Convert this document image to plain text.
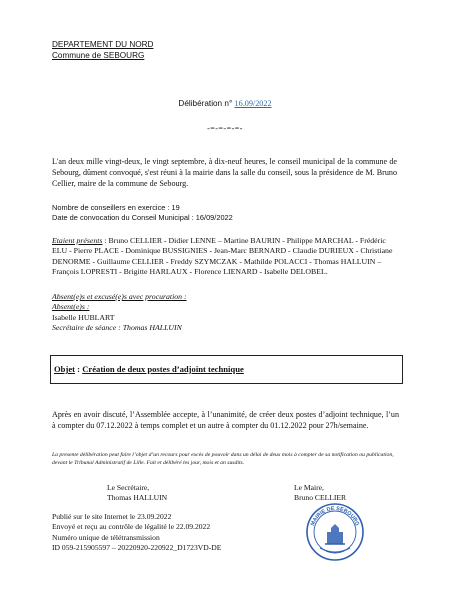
DEPARTEMENT DU NORD
Commune de SEBOURG
Délibération n° 16.09/2022
-=-=-=-=-
L'an deux mille vingt-deux, le vingt septembre, à dix-neuf heures, le conseil municipal de la commune de Sebourg, dûment convoqué, s'est réuni à la mairie dans la salle du conseil, sous la présidence de M. Bruno Cellier, maire de la commune de Sebourg.
Nombre de conseillers en exercice : 19
Date de convocation du Conseil Municipal : 16/09/2022
Etaient présents : Bruno CELLIER - Didier LENNE – Martine BAURIN - Philippe MARCHAL - Frédéric ELU - Pierre PLACE - Dominique BUSSIGNIES - Jean-Marc BERNARD - Claudie DURIEUX - Christiane DENORME - Guillaume CELLIER - Freddy SZYMCZAK - Mathilde POLACCI - Thomas HALLUIN – François LOPRESTI - Brigitte HARLAUX - Florence LIENARD - Isabelle DELOBEL.
Absent(e)s et excusé(e)s avec procuration :
Absent(e)s :
Isabelle HUBLART
Secrétaire de séance : Thomas HALLUIN
Objet : Création de deux postes d’adjoint technique
Après en avoir discuté, l’Assemblée accepte, à l’unanimité, de créer deux postes d’adjoint technique, l’un à compter du 07.12.2022 à temps complet et un autre à compter du 01.12.2022 pour 27h/semaine.
La presente délibération peut faire l’objet d’un recours pour excès de pouvoir dans un délai de deux mois à compter de sa notification ou publication, devant le Tribunal Administratif de Lille. Fait et délibéré les jour, mois et an susdits.
Le Secrétaire,
Thomas HALLUIN
Le Maire,
Bruno CELLIER
Publié sur le site Internet le 23.09.2022
Envoyé et reçu au contrôle de légalité le 22.09.2022
Numéro unique de télétransmission
ID 059-215905597 – 20220920-220922_D1723VD-DE
MAIRIE DE SEBOURG
